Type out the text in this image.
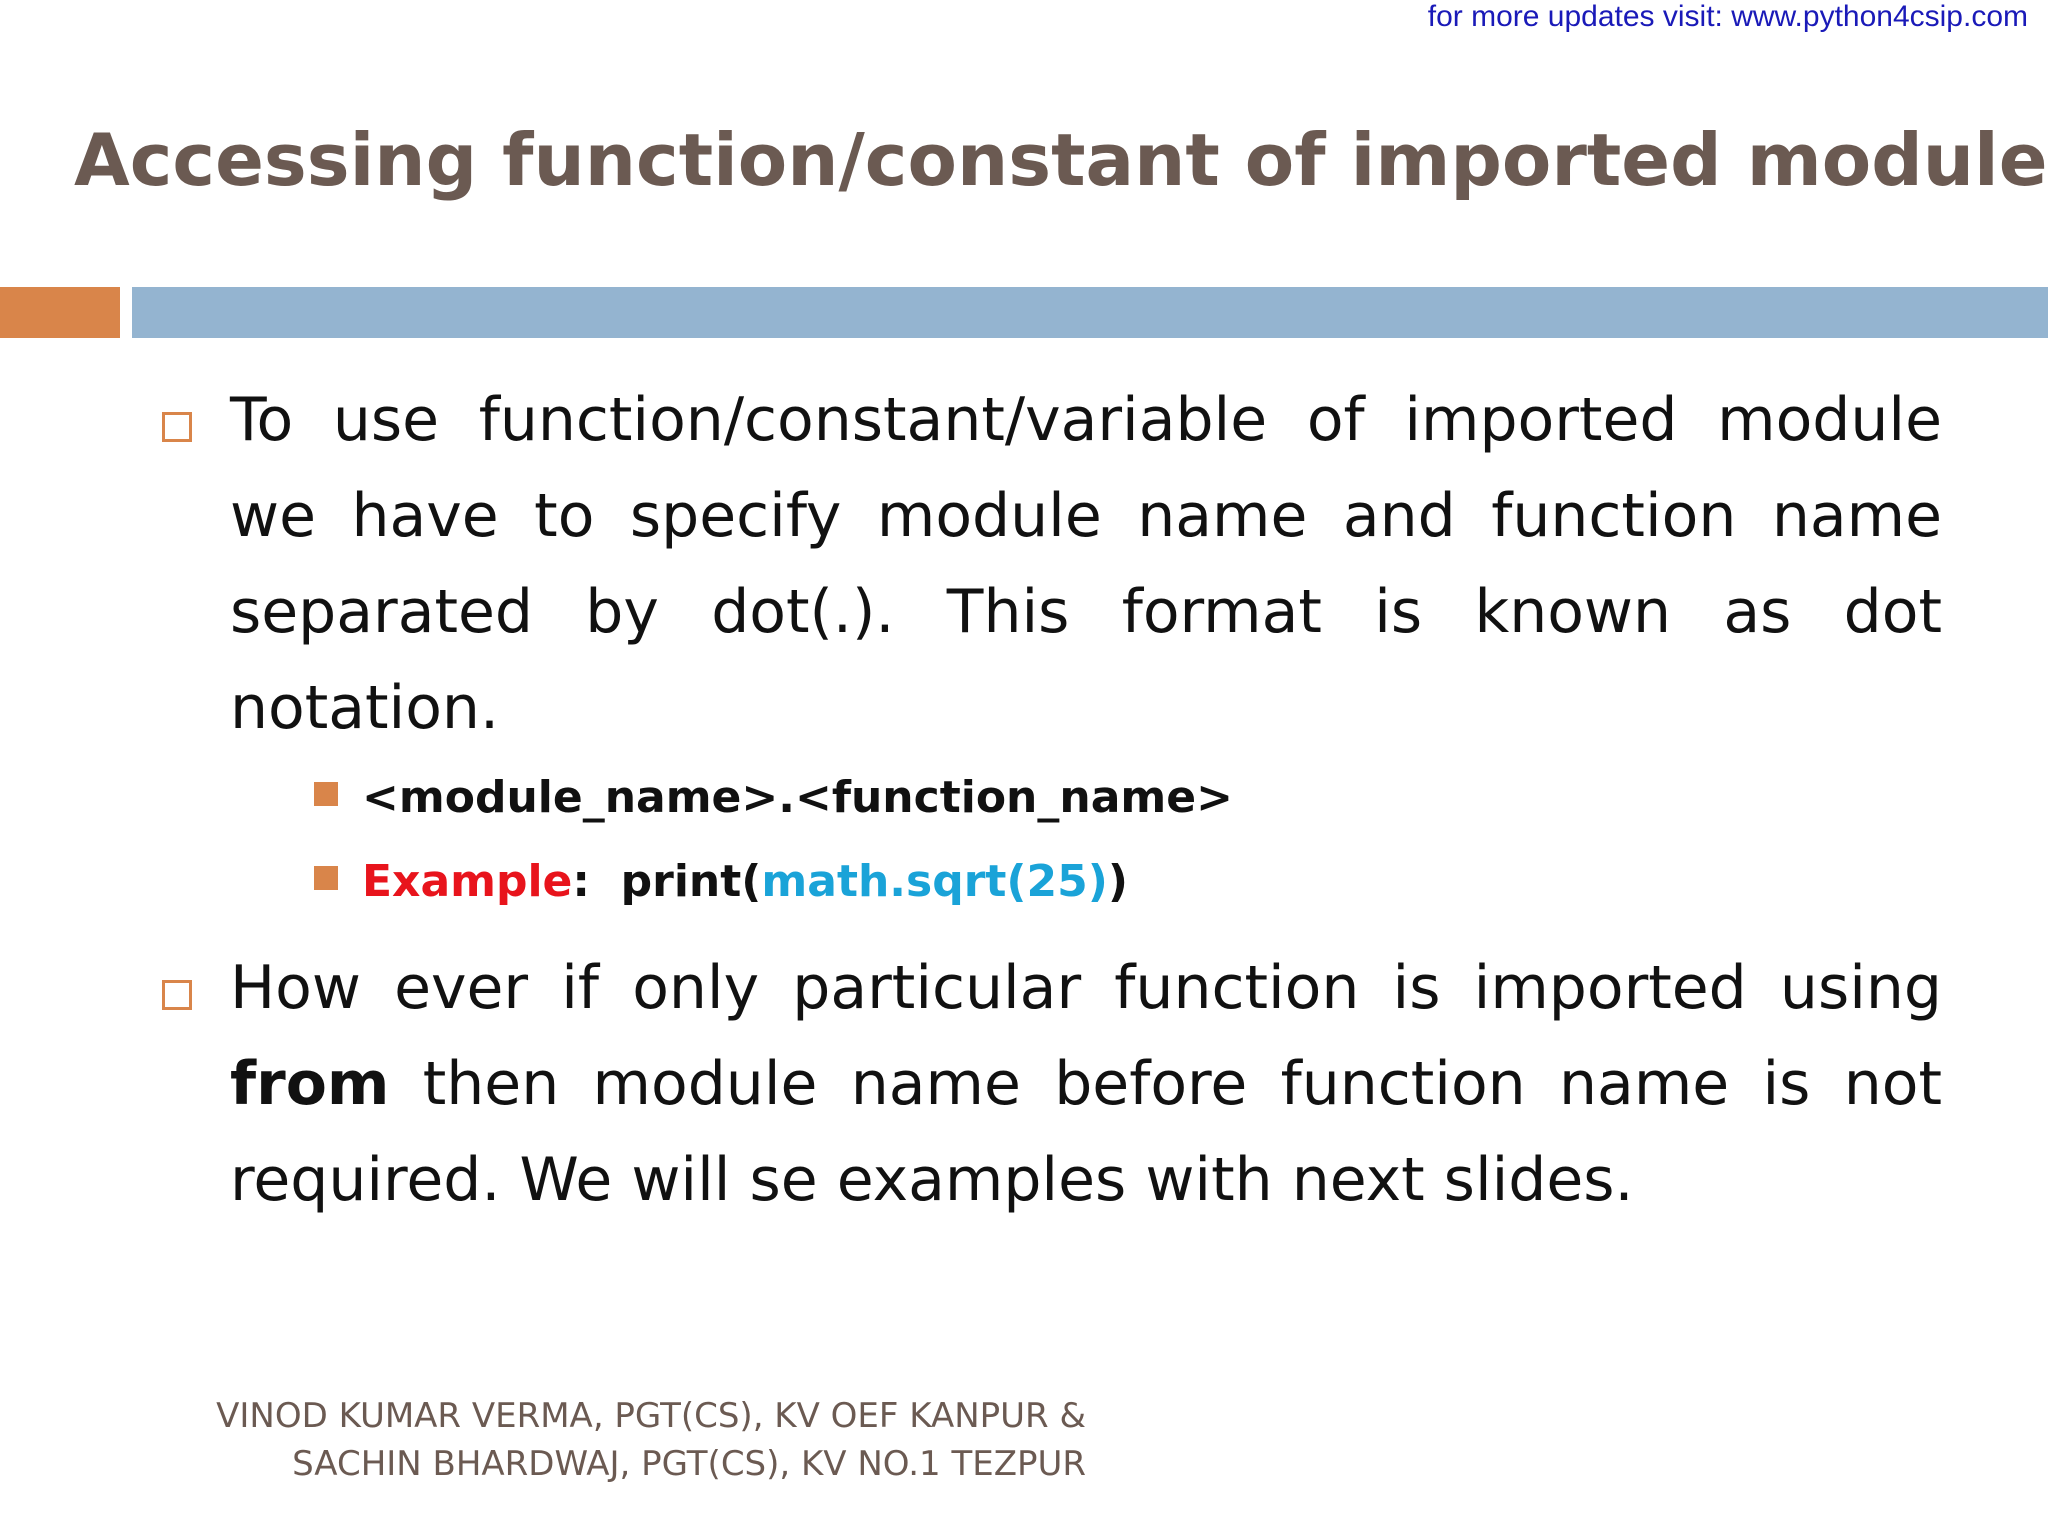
for more updates visit: www.python4csip.com
Accessing function/constant of imported module
To use function/constant/variable of imported module we have to specify module name and function name separated by dot(.). This format is known as dot notation.
<module_name>.<function_name>
Example: print(math.sqrt(25))
How ever if only particular function is imported using from then module name before function name is not required. We will se examples with next slides.
VINOD KUMAR VERMA, PGT(CS), KV OEF KANPUR &
SACHIN BHARDWAJ, PGT(CS), KV NO.1 TEZPUR
